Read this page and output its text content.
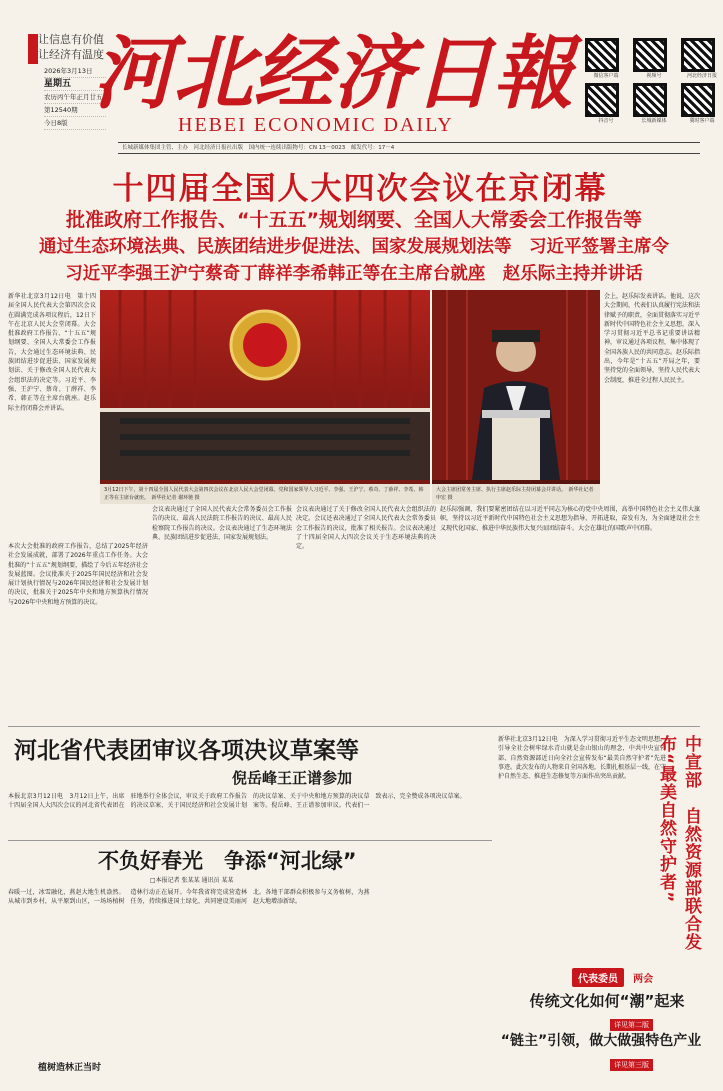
让信息有价值
让经济有温度
2026年3月13日
星期五
农历丙午年正月廿五
第12540期
今日8版
河北经济日報
HEBEI ECONOMIC DAILY
微信客户端	视频号	河北经济日报
抖音号	长城新媒体	冀时客户端
长城新媒体集团主管、主办　河北经济日报社出版　国内统一连续出版物号：CN 13－0023　邮发代号：17－4
十四届全国人大四次会议在京闭幕
批准政府工作报告、“十五五”规划纲要、全国人大常委会工作报告等
通过生态环境法典、民族团结进步促进法、国家发展规划法等　习近平签署主席令
习近平李强王沪宁蔡奇丁薛祥李希韩正等在主席台就座　赵乐际主持并讲话
新华社北京3月12日电　第十四届全国人民代表大会第四次会议在圆满完成各项议程后，12日下午在北京人民大会堂闭幕。大会批准政府工作报告、“十五五”规划纲要、全国人大常委会工作报告，大会通过生态环境法典、民族团结进步促进法、国家发展规划法、关于修改全国人民代表大会组织法的决定等。习近平、李强、王沪宁、蔡奇、丁薛祥、李希、韩正等在主席台就座。赵乐际主持闭幕会并讲话。
3月12日下午，第十四届全国人民代表大会第四次会议在北京人民大会堂闭幕。党和国家领导人习近平、李强、王沪宁、蔡奇、丁薛祥、李希、韩正等在主席台就座。　新华社记者 谢环驰 摄
大会主席团常务主席、执行主席赵乐际主持闭幕会并讲话。　新华社记者 申宏 摄
会上，赵乐际发表讲话。他说，这次大会期间，代表们认真履行宪法和法律赋予的职责，全面贯彻落实习近平新时代中国特色社会主义思想，深入学习贯彻习近平总书记重要讲话精神，审议通过各项议程，集中体现了全国各族人民的共同意志。赵乐际指出，今年是“十五五”开局之年，要坚持党的全面领导，坚持人民代表大会制度，推进全过程人民民主。
本次大会批准的政府工作报告，总结了2025年经济社会发展成就，部署了2026年重点工作任务。大会批准的“十五五”规划纲要，描绘了今后五年经济社会发展蓝图。会议批准关于2025年国民经济和社会发展计划执行情况与2026年国民经济和社会发展计划的决议，批准关于2025年中央和地方预算执行情况与2026年中央和地方预算的决议。
会议表决通过了全国人民代表大会常务委员会工作报告的决议、最高人民法院工作报告的决议、最高人民检察院工作报告的决议。会议表决通过了生态环境法典、民族团结进步促进法、国家发展规划法。
会议表决通过了关于修改全国人民代表大会组织法的决定。会议还表决通过了全国人民代表大会常务委员会工作报告的决议，批准了相关报告。会议表决通过了十四届全国人大四次会议关于生态环境法典的决定。
赵乐际强调，我们要紧密团结在以习近平同志为核心的党中央周围，高举中国特色社会主义伟大旗帜，坚持以习近平新时代中国特色社会主义思想为指导，开拓进取，奋发有为，为全面建设社会主义现代化国家、推进中华民族伟大复兴而团结奋斗。大会在雄壮的国歌声中闭幕。
河北省代表团审议各项决议草案等
倪岳峰王正谱参加
本报北京3月12日电　3月12日上午，出席十四届全国人大四次会议的河北省代表团在驻地举行全体会议，审议关于政府工作报告的决议草案、关于国民经济和社会发展计划的决议草案、关于中央和地方预算的决议草案等。倪岳峰、王正谱参加审议。代表们一致表示，完全赞成各项决议草案。
不负好春光　争添“河北绿”
□本报记者 张某某 通讯员 某某
春暖一过，冰雪融化，燕赵大地生机盎然。从城市到乡村，从平原到山区，一场场植树造林行动正在展开。今年我省将完成营造林任务，持续推进国土绿化，共同建设美丽河北。各地干部群众积极参与义务植树，为燕赵大地增添新绿。
植树造林正当时
新华社北京3月12日电　为深入学习贯彻习近平生态文明思想，引导全社会树牢绿水青山就是金山银山的理念，中共中央宣传部、自然资源部近日向全社会宣传发布“最美自然守护者”先进事迹。此次发布的人物来自全国各地，长期扎根基层一线，在守护自然生态、推进生态修复等方面作出突出贡献。	中宣部　自然资源部联合发布“最美自然守护者”
代表委员 两会
传统文化如何“潮”起来
详见第二版
“链主”引领，做大做强特色产业
详见第三版
